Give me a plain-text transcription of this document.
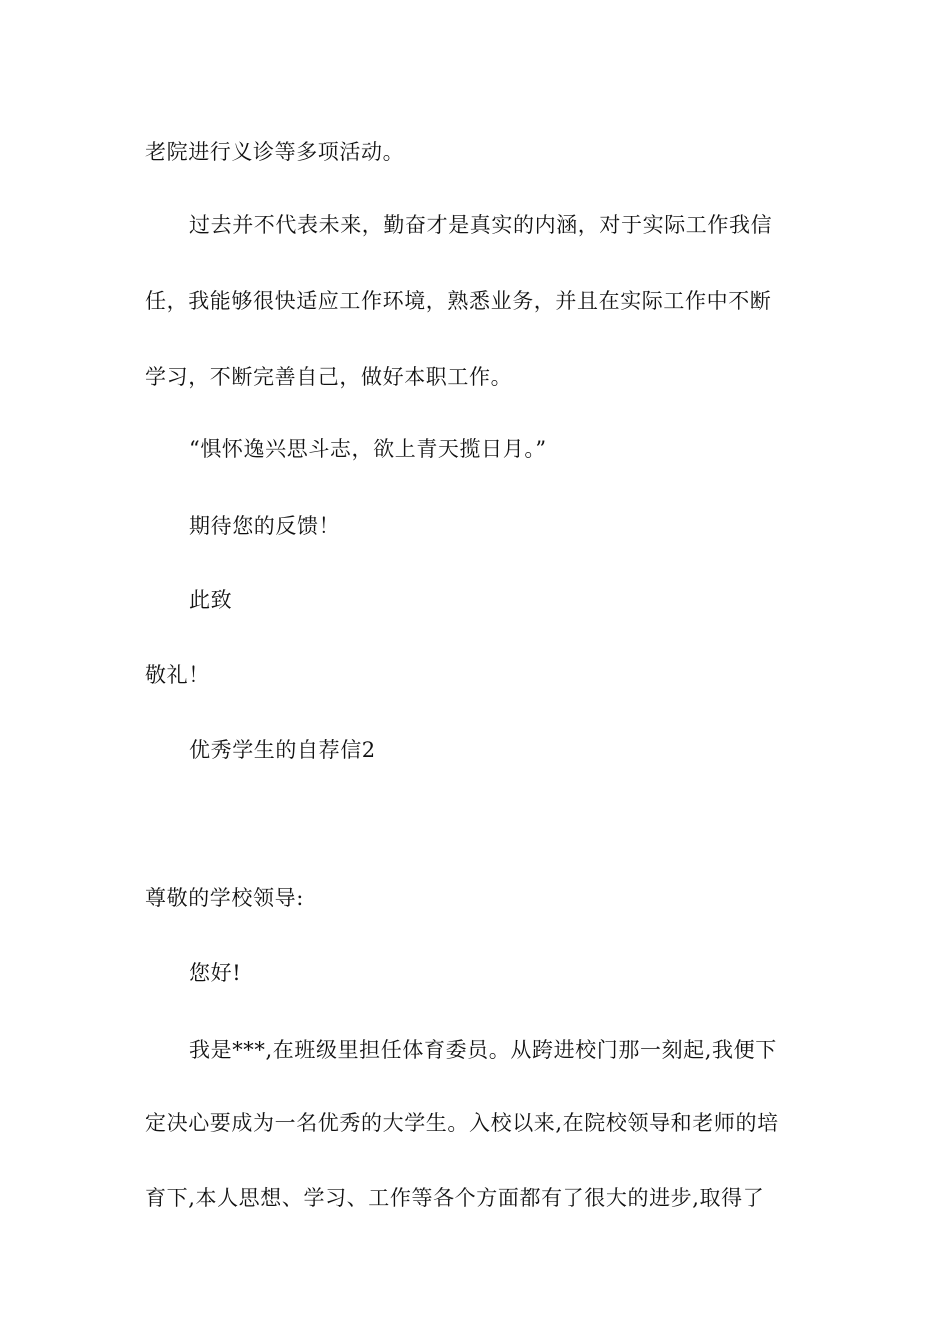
老院进行义诊等多项活动。
过去并不代表未来，勤奋才是真实的内涵，对于实际工作我信
任，我能够很快适应工作环境，熟悉业务，并且在实际工作中不断
学习，不断完善自己，做好本职工作。
“惧怀逸兴思斗志，欲上青天揽日月。”
期待您的反馈！
此致
敬礼！
优秀学生的自荐信2
尊敬的学校领导:
您好!
我是***,在班级里担任体育委员。从跨进校门那一刻起,我便下
定决心要成为一名优秀的大学生。入校以来,在院校领导和老师的培
育下,本人思想、学习、工作等各个方面都有了很大的进步,取得了
